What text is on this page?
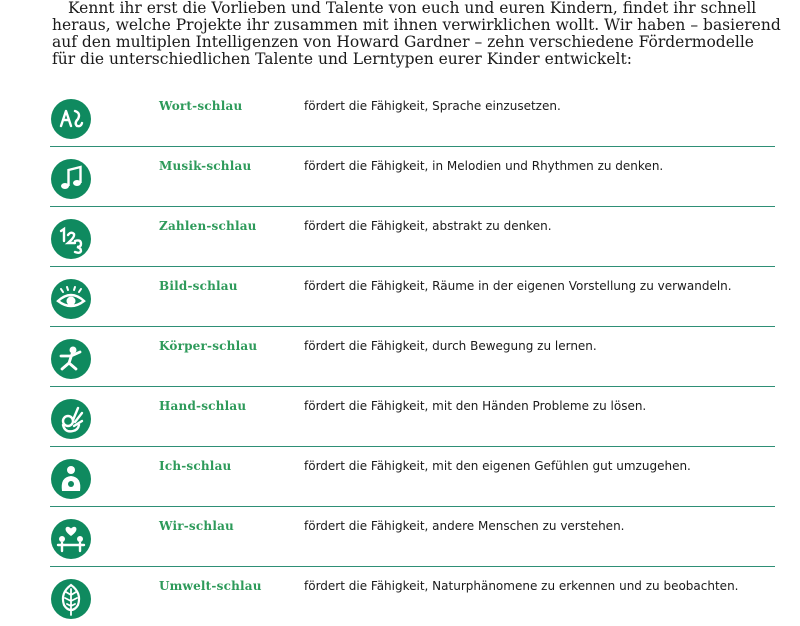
Kennt ihr erst die Vorlieben und Talente von euch und euren Kindern, findet ihr schnell heraus, welche Projekte ihr zusammen mit ihnen verwirklichen wollt. Wir haben – basierend auf den multiplen Intelligenzen von Howard Gardner – zehn verschiedene Fördermodelle für die unterschiedlichen Talente und Lerntypen eurer Kinder entwickelt:

Wort-schlau	fördert die Fähigkeit, Sprache einzusetzen.
Musik-schlau	fördert die Fähigkeit, in Melodien und Rhythmen zu denken.
Zahlen-schlau	fördert die Fähigkeit, abstrakt zu denken.
Bild-schlau	fördert die Fähigkeit, Räume in der eigenen Vorstellung zu verwandeln.
Körper-schlau	fördert die Fähigkeit, durch Bewegung zu lernen.
Hand-schlau	fördert die Fähigkeit, mit den Händen Probleme zu lösen.
Ich-schlau	fördert die Fähigkeit, mit den eigenen Gefühlen gut umzugehen.
Wir-schlau	fördert die Fähigkeit, andere Menschen zu verstehen.
Umwelt-schlau	fördert die Fähigkeit, Naturphänomene zu erkennen und zu beobachten.
